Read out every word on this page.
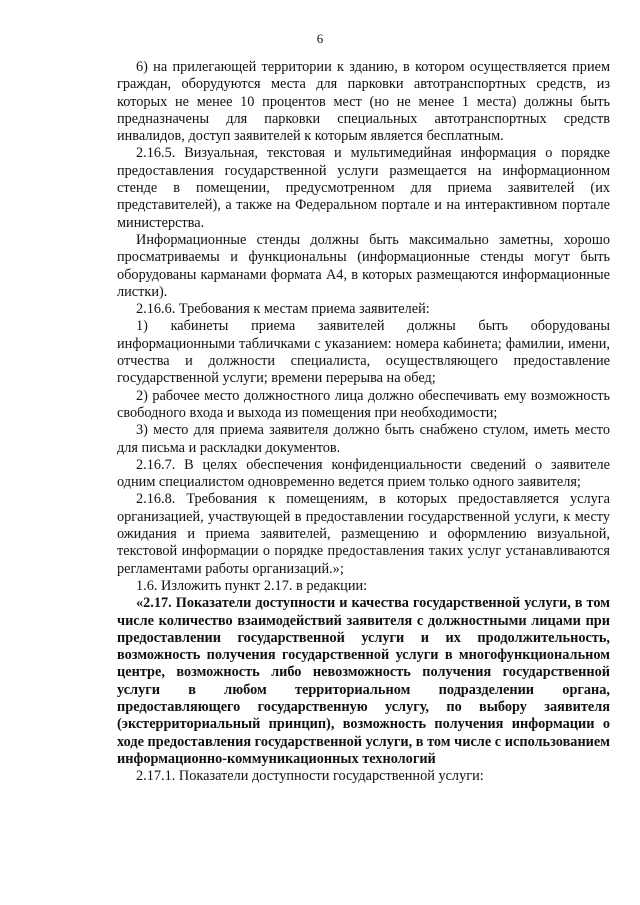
6

6) на прилегающей территории к зданию, в котором осуществляется прием граждан, оборудуются места для парковки автотранспортных средств, из которых не менее 10 процентов мест (но не менее 1 места) должны быть предназначены для парковки специальных автотранспортных средств инвалидов, доступ заявителей к которым является бесплатным.

2.16.5. Визуальная, текстовая и мультимедийная информация о порядке предоставления государственной услуги размещается на информационном стенде в помещении, предусмотренном для приема заявителей (их представителей), а также на Федеральном портале и на интерактивном портале министерства.

Информационные стенды должны быть максимально заметны, хорошо просматриваемы и функциональны (информационные стенды могут быть оборудованы карманами формата А4, в которых размещаются информационные листки).

2.16.6. Требования к местам приема заявителей:

1) кабинеты приема заявителей должны быть оборудованы информационными табличками с указанием: номера кабинета; фамилии, имени, отчества и должности специалиста, осуществляющего предоставление государственной услуги; времени перерыва на обед;

2) рабочее место должностного лица должно обеспечивать ему возможность свободного входа и выхода из помещения при необходимости;

3) место для приема заявителя должно быть снабжено стулом, иметь место для письма и раскладки документов.

2.16.7. В целях обеспечения конфиденциальности сведений о заявителе одним специалистом одновременно ведется прием только одного заявителя;

2.16.8. Требования к помещениям, в которых предоставляется услуга организацией, участвующей в предоставлении государственной услуги, к месту ожидания и приема заявителей, размещению и оформлению визуальной, текстовой информации о порядке предоставления таких услуг устанавливаются регламентами работы организаций.»;

1.6. Изложить пункт 2.17. в редакции:

«2.17. Показатели доступности и качества государственной услуги, в том числе количество взаимодействий заявителя с должностными лицами при предоставлении государственной услуги и их продолжительность, возможность получения государственной услуги в многофункциональном центре, возможность либо невозможность получения государственной услуги в любом территориальном подразделении органа, предоставляющего государственную услугу, по выбору заявителя (экстерриториальный принцип), возможность получения информации о ходе предоставления государственной услуги, в том числе с использованием информационно-коммуникационных технологий

2.17.1. Показатели доступности государственной услуги:
